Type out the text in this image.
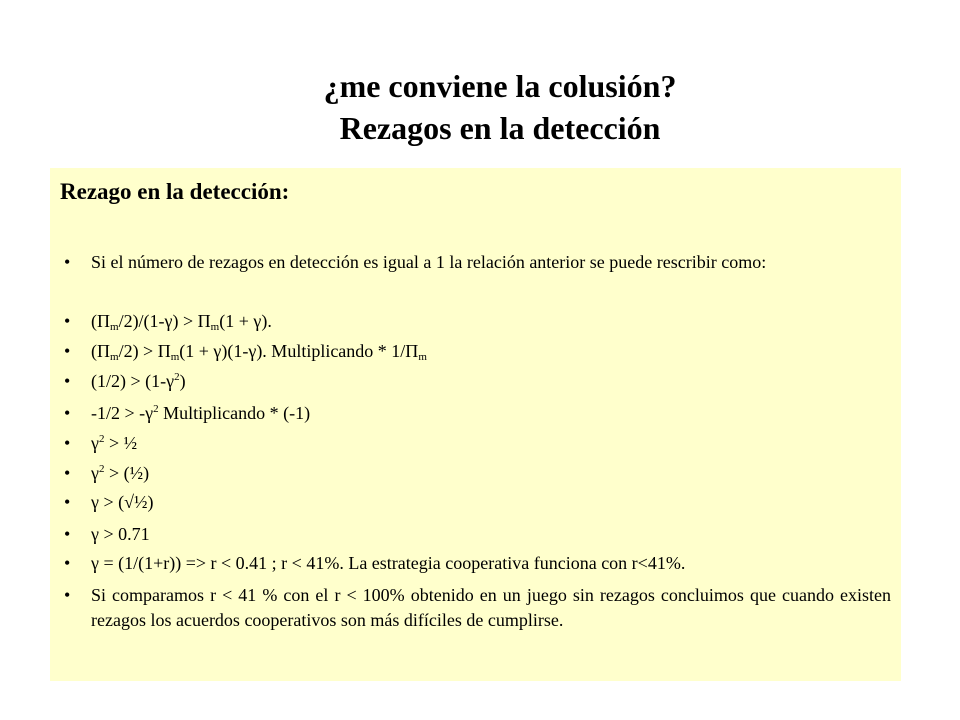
¿me conviene la colusión?
Rezagos en la detección
Rezago en la detección:
• Si el número de rezagos en detección es igual a 1 la relación anterior se puede rescribir como:
• $(\Pi_m/2)/(1-\gamma) > \Pi_m(1 + \gamma)$.
• $(\Pi_m/2) > \Pi_m(1 + \gamma)(1-\gamma)$. Multiplicando * $1/\Pi_m$
• $(1/2) > (1-\gamma^2)$
• $-1/2 > -\gamma^2$ Multiplicando * (-1)
• $\gamma^2$ > ½
• $\gamma^2$ > (½)
• γ > (√½)
• γ > 0.71
• γ = (1/(1+r)) => r < 0.41 ; r < 41%. La estrategia cooperativa funciona con r<41%.
• Si comparamos r < 41 % con el r < 100% obtenido en un juego sin rezagos concluimos que cuando existen rezagos los acuerdos cooperativos son más difíciles de cumplirse.
